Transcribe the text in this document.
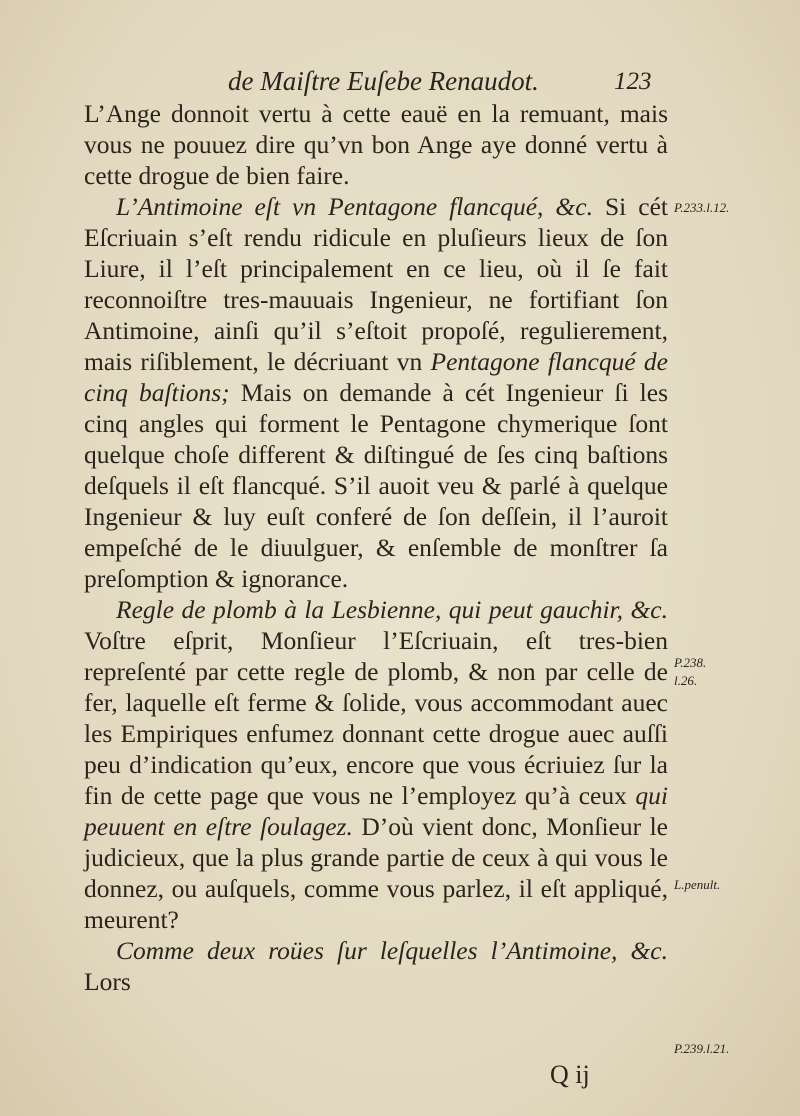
de Maiſtre Euſebe Renaudot.	123

L’Ange donnoit vertu à cette eauë en la remuant, mais vous ne pouuez dire qu’vn bon Ange aye donné vertu à cette drogue de bien faire.

L’Antimoine eſt vn Pentagone flancqué, &c. Si cét Eſcriuain s’eſt rendu ridicule en pluſieurs lieux de ſon Liure, il l’eſt principalement en ce lieu, où il ſe fait reconnoiſtre tres-mauuais Ingenieur, ne fortifiant ſon Antimoine, ainſi qu’il s’eſtoit propoſé, regulierement, mais riſiblement, le décriuant vn Pentagone flancqué de cinq baſtions; Mais on demande à cét Ingenieur ſi les cinq angles qui forment le Pentagone chymerique ſont quelque choſe different & diſtingué de ſes cinq baſtions deſquels il eſt flancqué. S’il auoit veu & parlé à quelque Ingenieur & luy euſt conferé de ſon deſſein, il l’auroit empeſché de le diuulguer, & enſemble de monſtrer ſa preſomption & ignorance.

Regle de plomb à la Lesbienne, qui peut gauchir, &c. Voſtre eſprit, Monſieur l’Eſcriuain, eſt tres-bien repreſenté par cette regle de plomb, & non par celle de fer, laquelle eſt ferme & ſolide, vous accommodant auec les Empiriques enfumez donnant cette drogue auec auſſi peu d’indication qu’eux, encore que vous écriuiez ſur la fin de cette page que vous ne l’employez qu’à ceux qui peuuent en eſtre ſoulagez. D’où vient donc, Monſieur le judicieux, que la plus grande partie de ceux à qui vous le donnez, ou auſquels, comme vous parlez, il eſt appliqué, meurent?

Comme deux roües ſur leſquelles l’Antimoine, &c. Lors

P.233.l.12.
P.238.
l.26.
L.penult.
P.239.l.21.
Q ij
